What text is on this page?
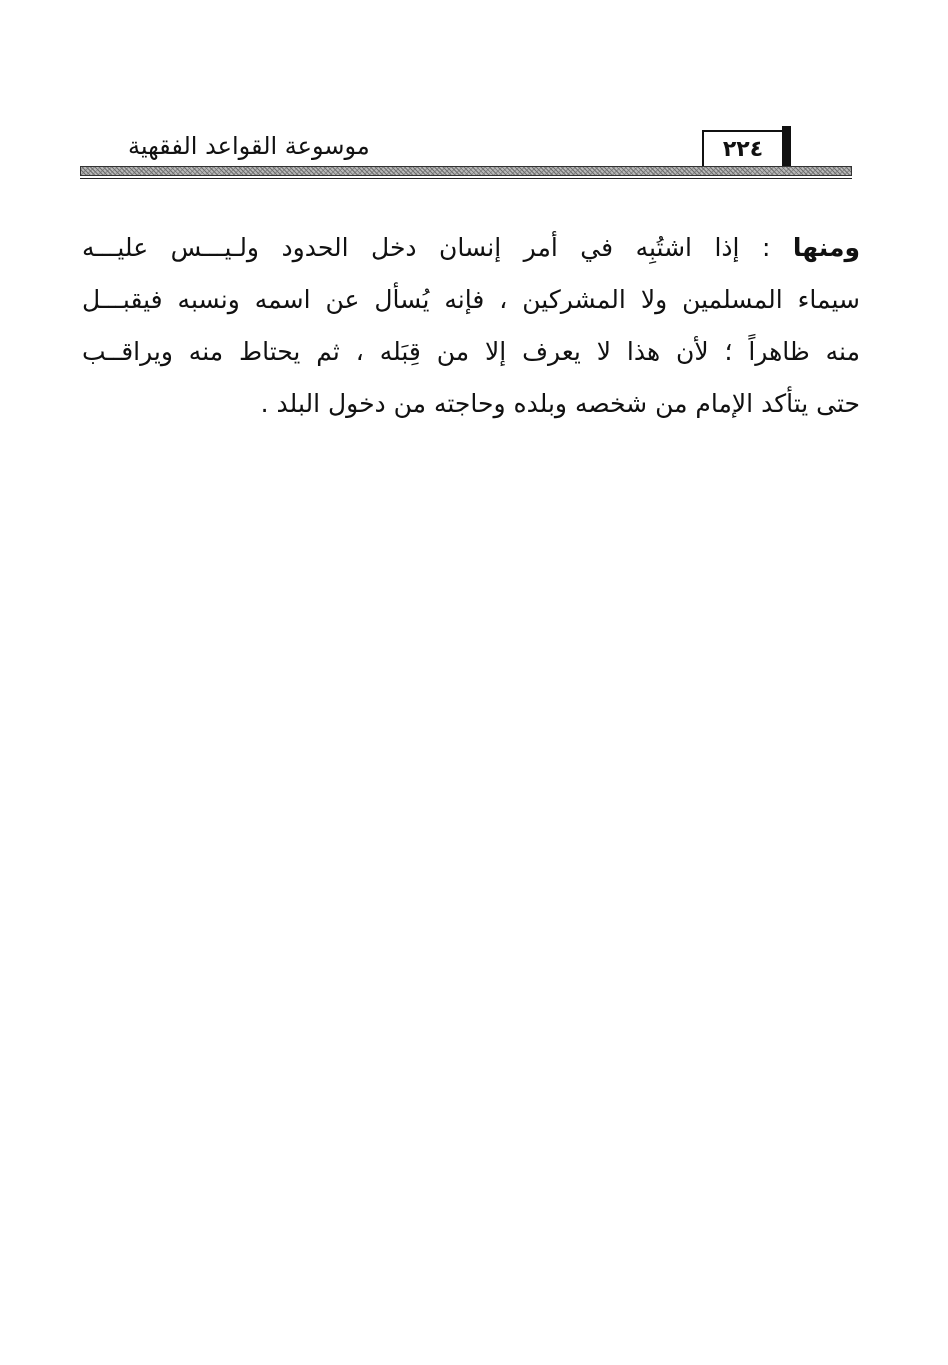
موسوعة القواعد الفقهية	٢٢٤
ومنها : إذا اشتُبِه في أمر إنسان دخل الحدود ولـيـــس عليـــه
سيماء المسلمين ولا المشركين ، فإنه يُسأل عن اسمه ونسبه فيقبـــل
منه ظاهراً ؛ لأن هذا لا يعرف إلا من قِبَله ، ثم يحتاط منه ويراقــب
حتى يتأكد الإمام من شخصه وبلده وحاجته من دخول البلد .
